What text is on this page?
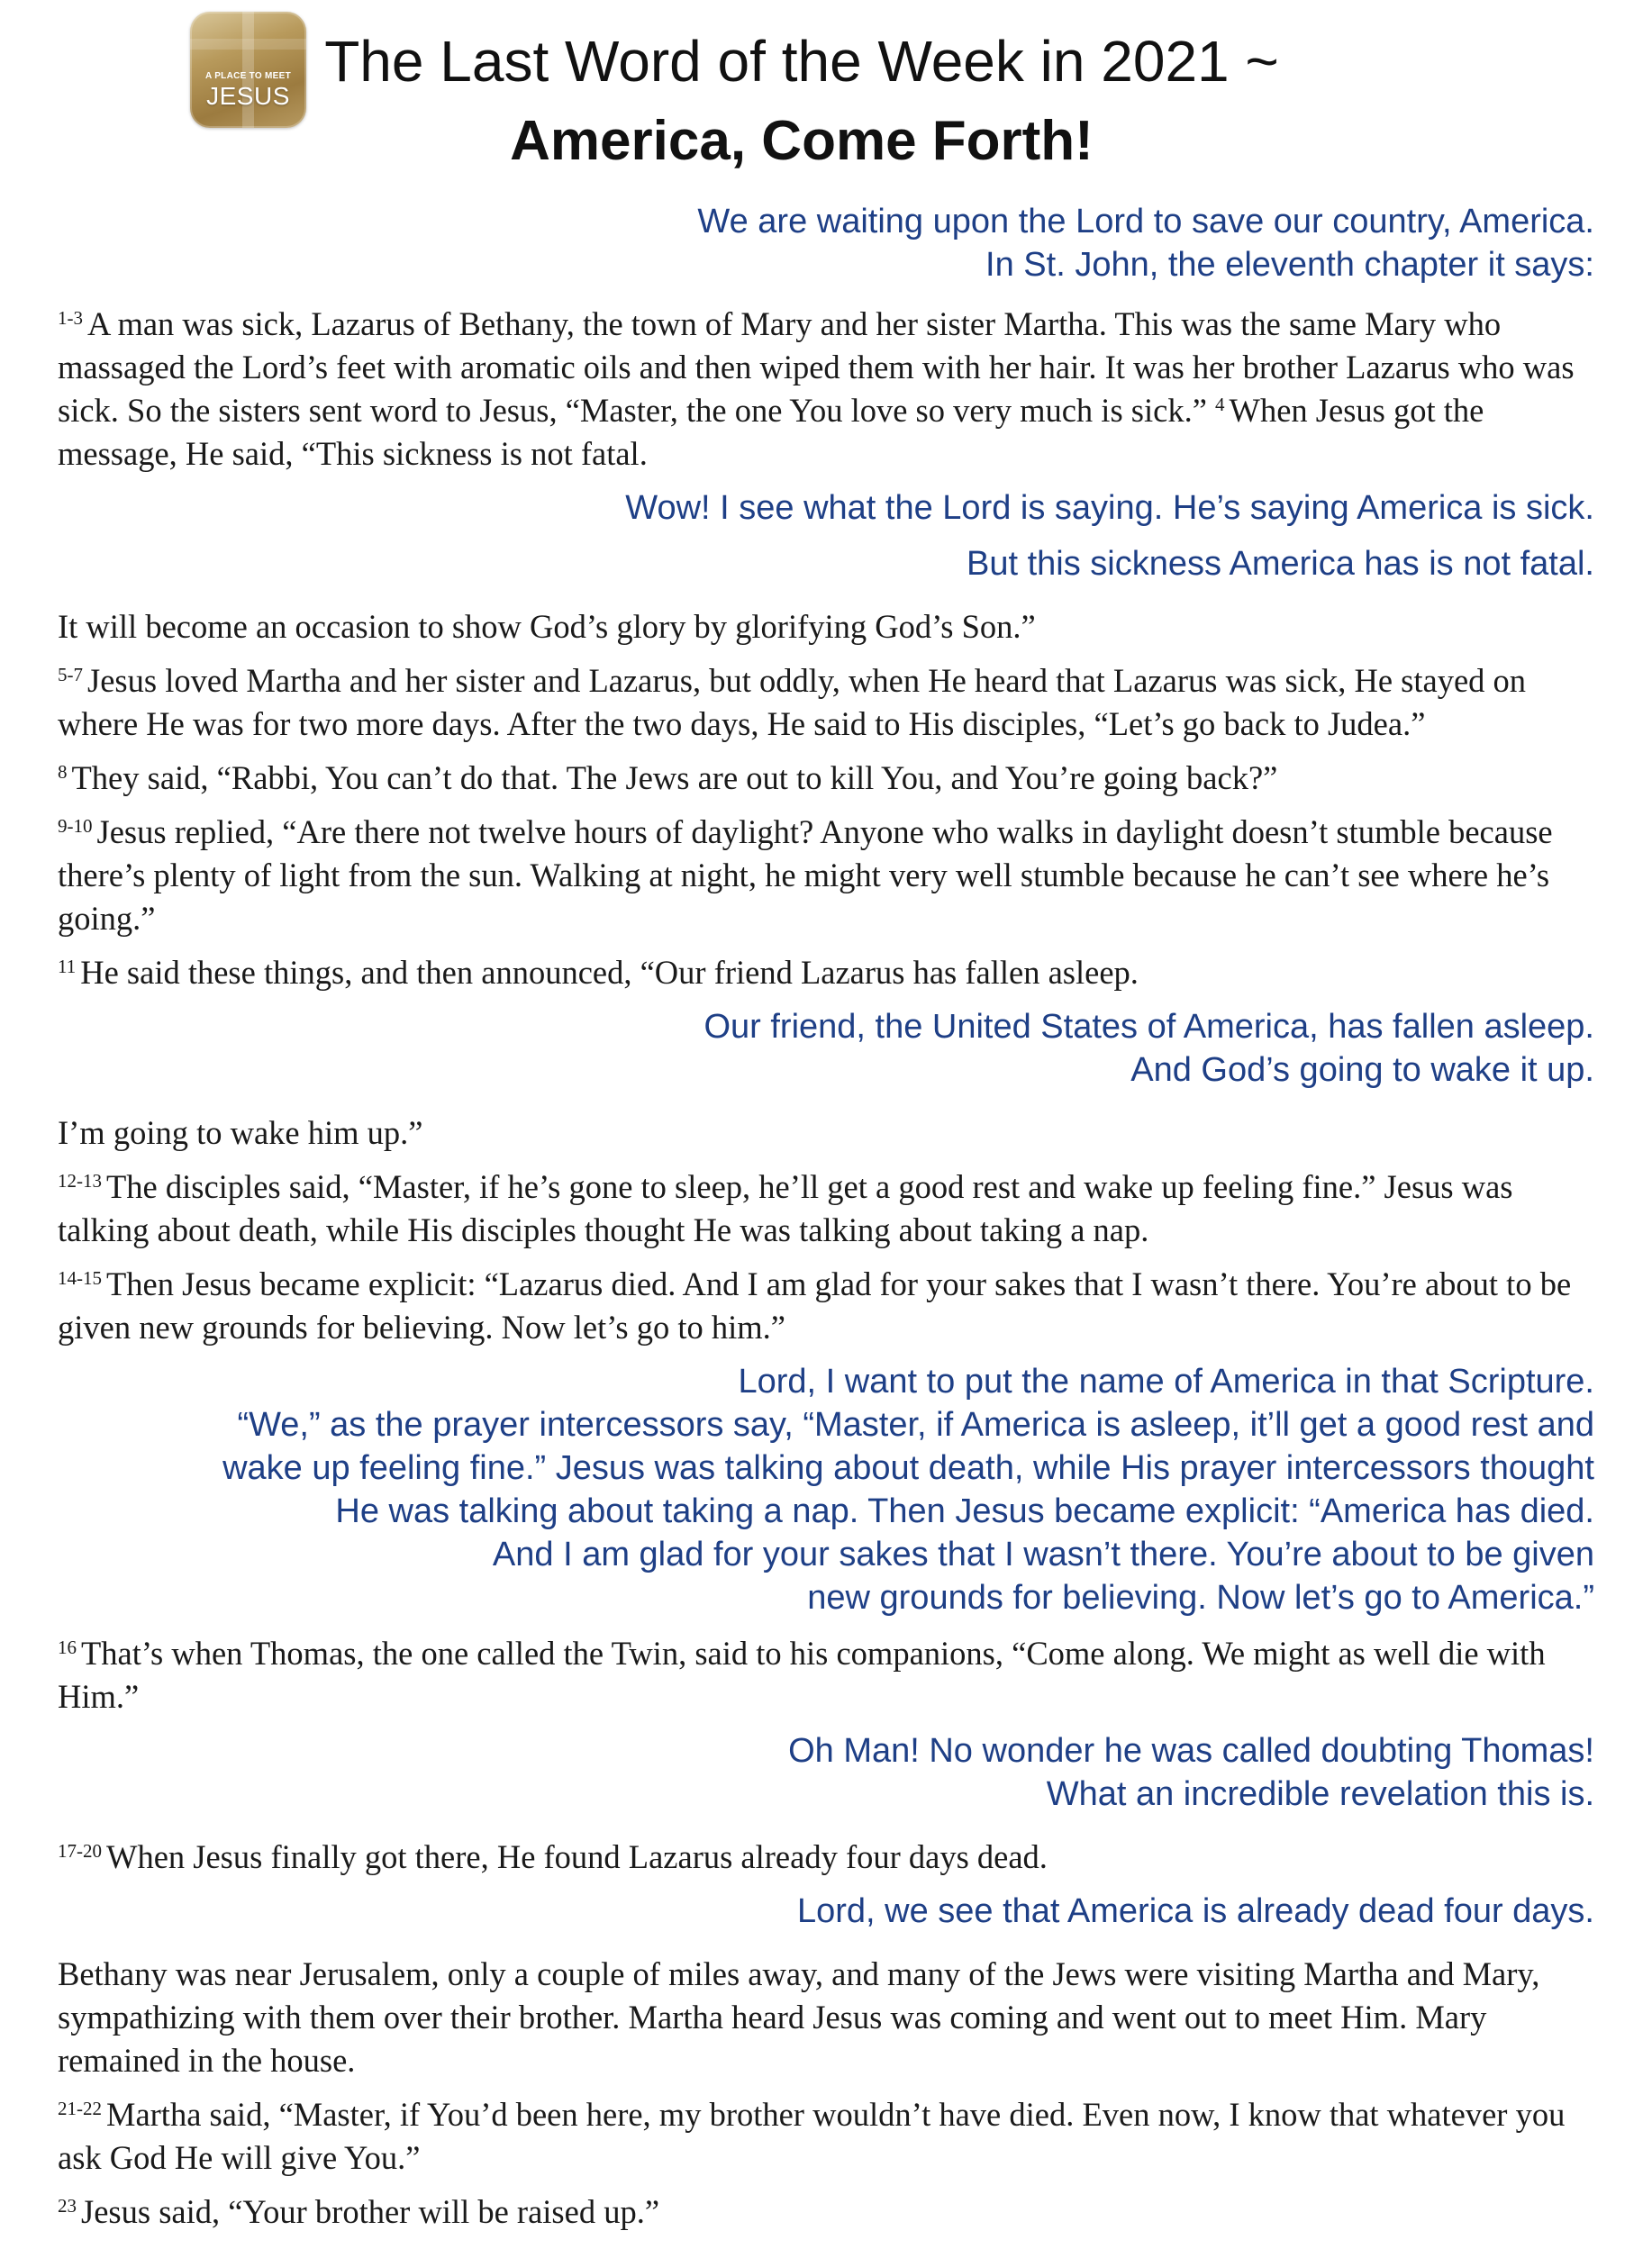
A PLACE TO MEET
JESUS
The Last Word of the Week in 2021 ~
America, Come Forth!
We are waiting upon the Lord to save our country, America.
In St. John, the eleventh chapter it says:
$^{1-3}$ A man was sick, Lazarus of Bethany, the town of Mary and her sister Martha. This was the same Mary who massaged the Lord’s feet with aromatic oils and then wiped them with her hair. It was her brother Lazarus who was sick. So the sisters sent word to Jesus, “Master, the one You love so very much is sick.” $^4$ When Jesus got the message, He said, “This sickness is not fatal.
Wow! I see what the Lord is saying. He’s saying America is sick.
But this sickness America has is not fatal.
It will become an occasion to show God’s glory by glorifying God’s Son.”
$^{5-7}$ Jesus loved Martha and her sister and Lazarus, but oddly, when He heard that Lazarus was sick, He stayed on where He was for two more days. After the two days, He said to His disciples, “Let’s go back to Judea.”
$^8$ They said, “Rabbi, You can’t do that. The Jews are out to kill You, and You’re going back?”
$^{9-10}$ Jesus replied, “Are there not twelve hours of daylight? Anyone who walks in daylight doesn’t stumble because there’s plenty of light from the sun. Walking at night, he might very well stumble because he can’t see where he’s going.”
$^{11}$ He said these things, and then announced, “Our friend Lazarus has fallen asleep.
Our friend, the United States of America, has fallen asleep.
And God’s going to wake it up.
I’m going to wake him up.”
$^{12-13}$ The disciples said, “Master, if he’s gone to sleep, he’ll get a good rest and wake up feeling fine.” Jesus was talking about death, while His disciples thought He was talking about taking a nap.
$^{14-15}$ Then Jesus became explicit: “Lazarus died. And I am glad for your sakes that I wasn’t there. You’re about to be given new grounds for believing. Now let’s go to him.”
Lord, I want to put the name of America in that Scripture.
“We,” as the prayer intercessors say, “Master, if America is asleep, it’ll get a good rest and
wake up feeling fine.” Jesus was talking about death, while His prayer intercessors thought
He was talking about taking a nap. Then Jesus became explicit: “America has died.
And I am glad for your sakes that I wasn’t there. You’re about to be given
new grounds for believing. Now let’s go to America.”
$^{16}$ That’s when Thomas, the one called the Twin, said to his companions, “Come along. We might as well die with Him.”
Oh Man! No wonder he was called doubting Thomas!
What an incredible revelation this is.
$^{17-20}$ When Jesus finally got there, He found Lazarus already four days dead.
Lord, we see that America is already dead four days.
Bethany was near Jerusalem, only a couple of miles away, and many of the Jews were visiting Martha and Mary, sympathizing with them over their brother. Martha heard Jesus was coming and went out to meet Him. Mary remained in the house.
$^{21-22}$ Martha said, “Master, if You’d been here, my brother wouldn’t have died. Even now, I know that whatever you ask God He will give You.”
$^{23}$ Jesus said, “Your brother will be raised up.”
